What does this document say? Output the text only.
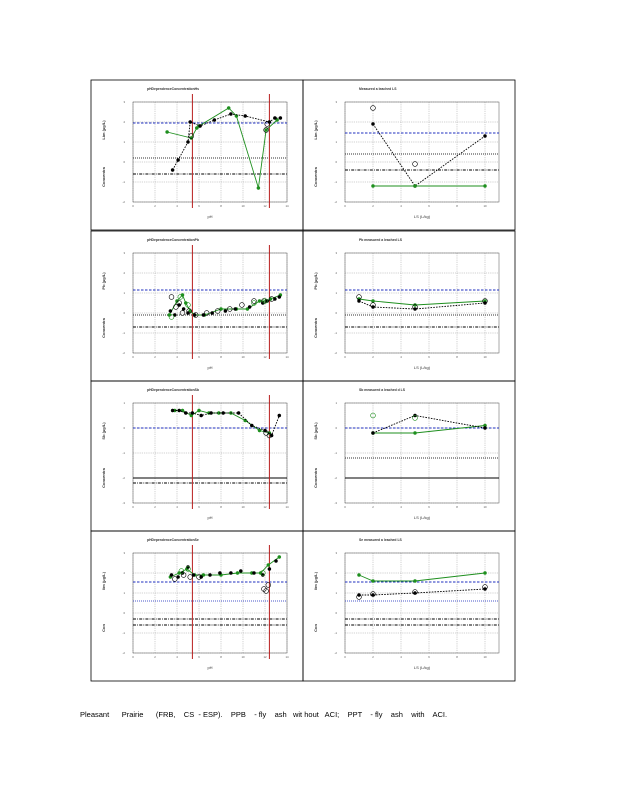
-2
-1
0
1
2
3
0	2	4	6	8	10	12	14
pHDependenceConcentrationHs
Concentra
Lim (µg/L)
pH
-2
-1
0
1
2
3
0	2	4	6	8	10
Measured a leached LS
Concentra
Lim (µg/L)
LS (L/kg)
-2
-1
0
1
2
3
0	2	4	6	8	10	12	14
pHDependenceConcentrationPb
Concentra
Pb (µg/L)
pH
-2
-1
0
1
2
3
0	2	4	6	8	10
Pb measured a leached LS
Concentra
Pb (µg/L)
LS (L/kg)
-3
-2
-1
0
1
0	2	4	6	8	10	12	14
pHDependenceConcentrationSb
Concentra
Sb (µg/L)
pH
-3
-2
-1
0
1
0	2	4	6	8	10
Sb measured a leached d LS
Concentra
Sb (µg/L)
LS (L/kg)
-2
-1
0
1
2
3
0	2	4	6	8	10	12	14
pHDependenceConcentrationSe
Con
lim (µg/L)
pH
-2
-1
0
1
2
3
0	2	4	6	8	10
Se measured a leached LS
Con
lim (µg/L)
LS (L/kg)
Pleasant      Prairie      (FRB,    CS  - ESP).    PPB    - fly    ash   wit hout   ACI;    PPT    - fly    ash    with    ACI.
